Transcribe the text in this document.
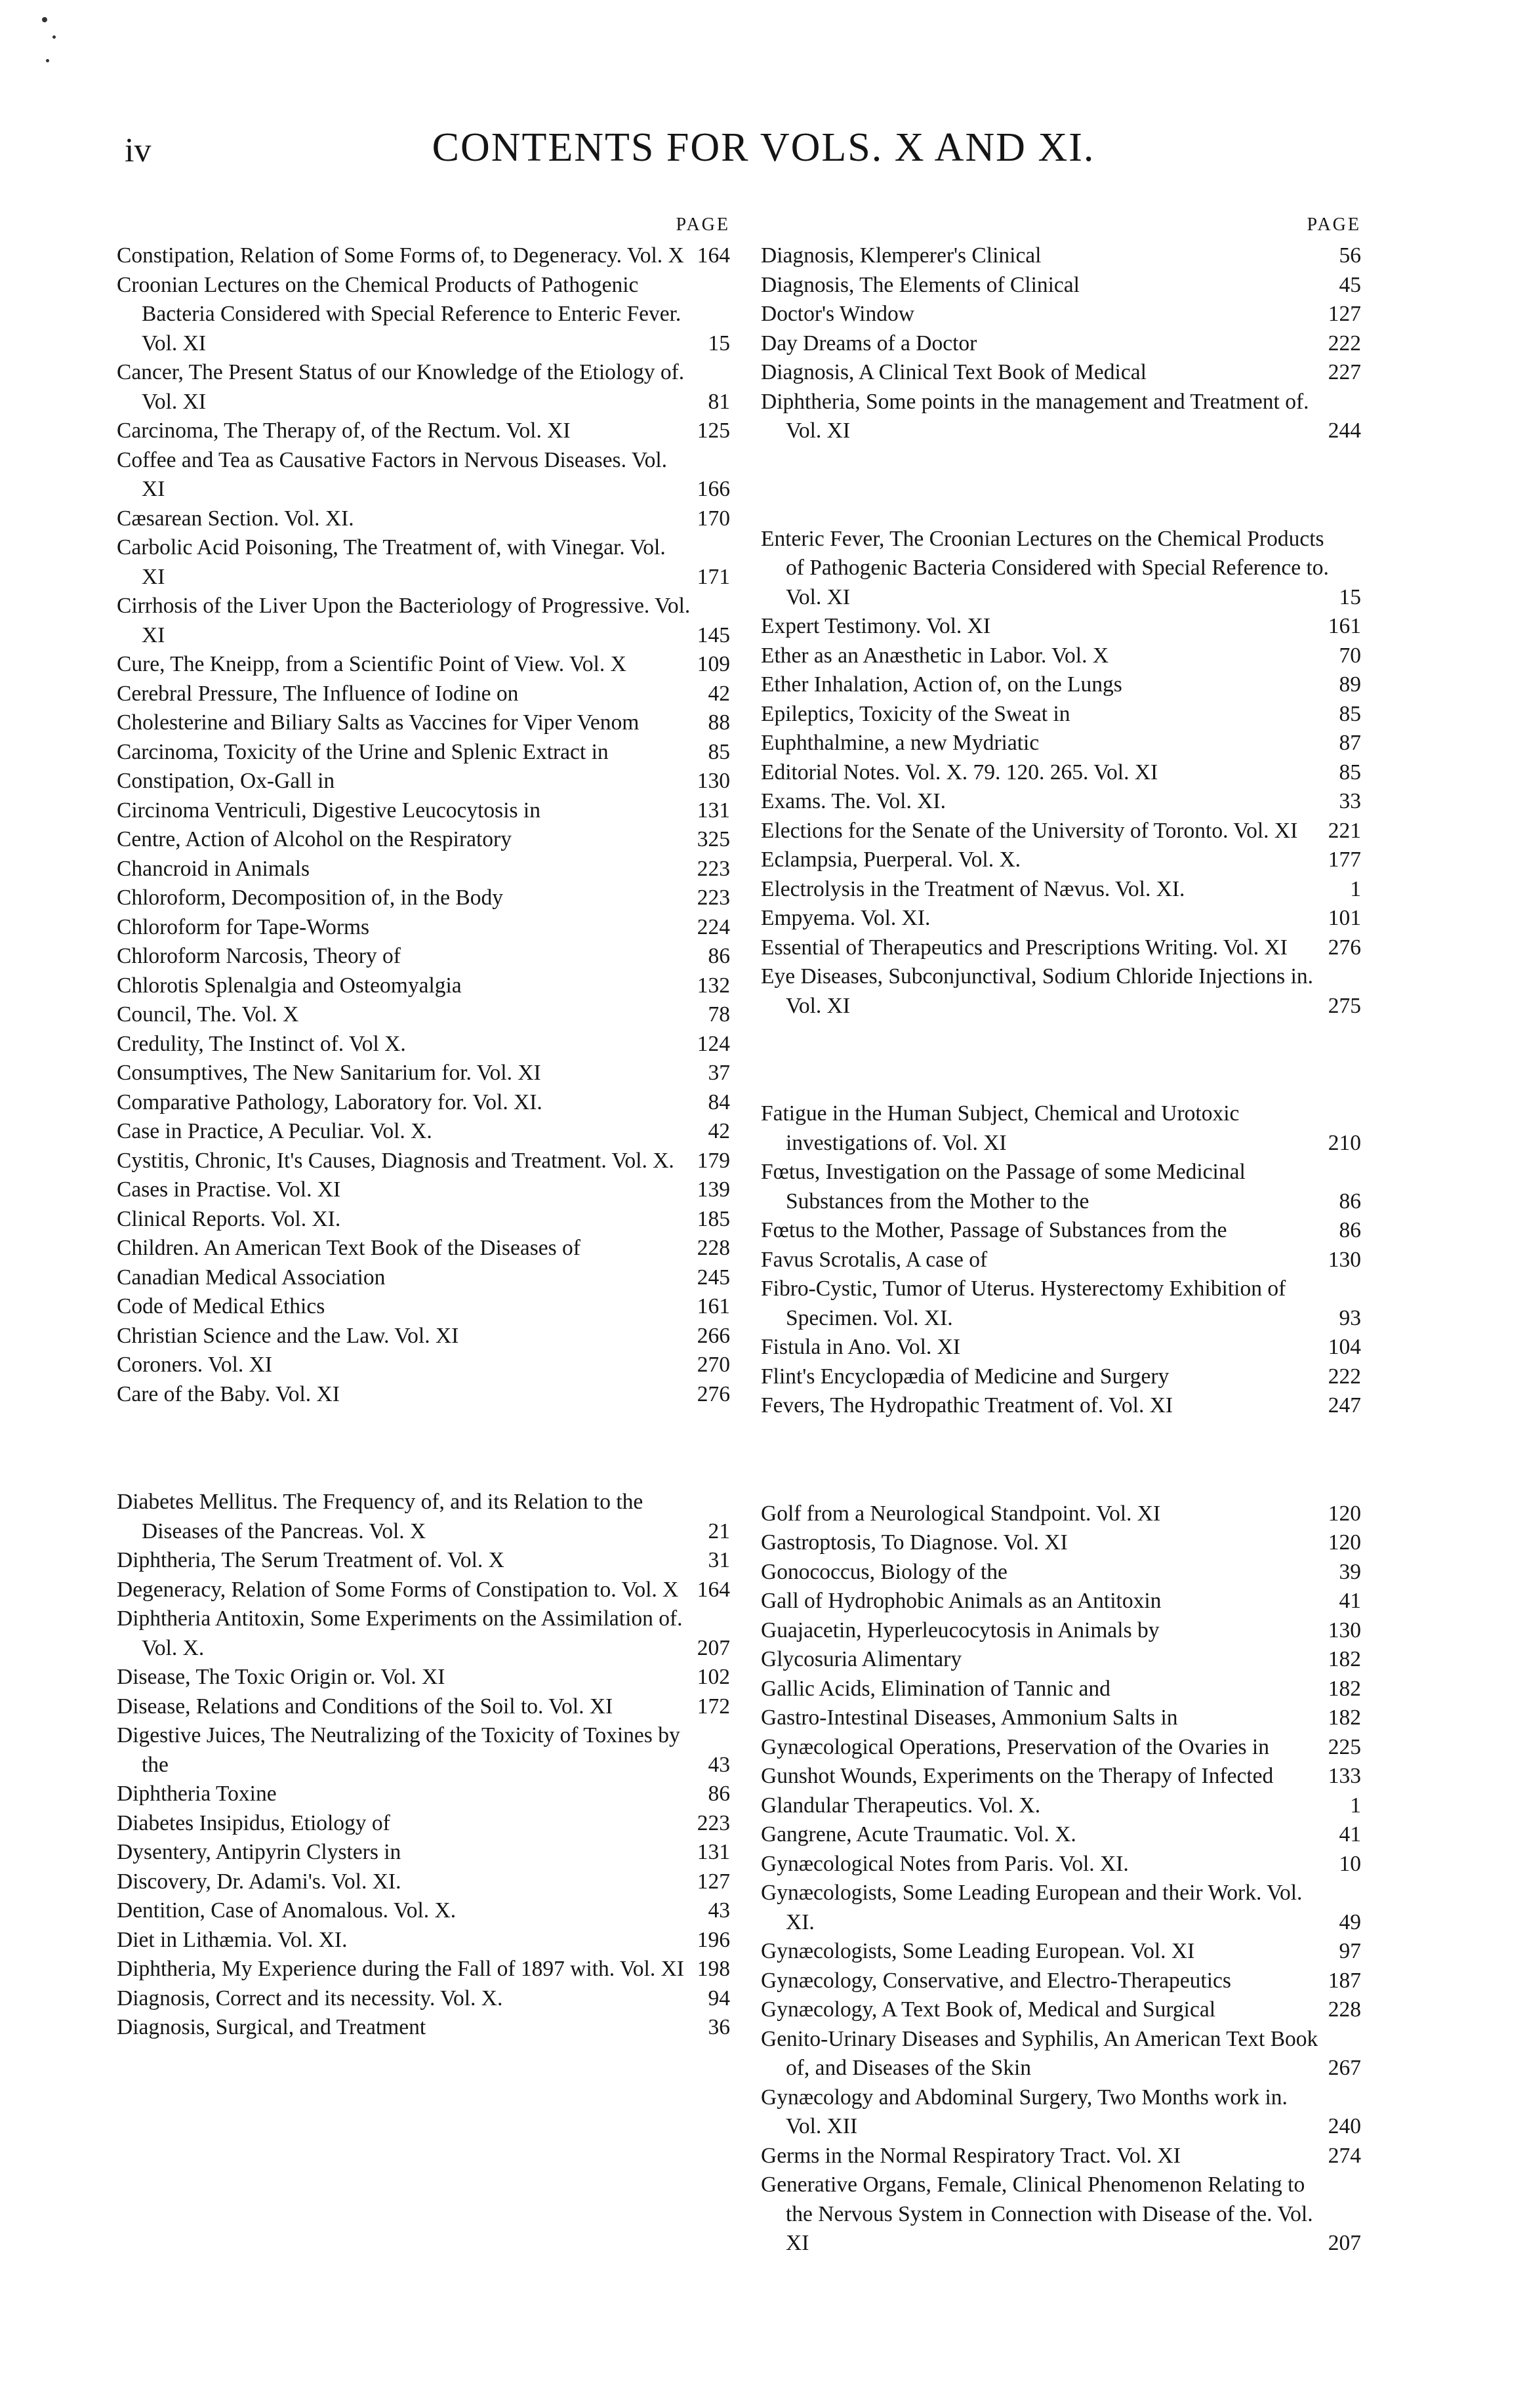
iv	CONTENTS FOR VOLS. X AND XI.
PAGE
Constipation, Relation of Some Forms of, to Degeneracy. Vol. X 164
Croonian Lectures on the Chemical Products of Pathogenic Bacteria Considered with Special Reference to Enteric Fever. Vol. XI	15
Cancer, The Present Status of our Knowledge of the Etiology of. Vol. XI	81
Carcinoma, The Therapy of, of the Rectum. Vol. XI	125
Coffee and Tea as Causative Factors in Nervous Diseases. Vol. XI	166
Cæsarean Section. Vol. XI.	170
Carbolic Acid Poisoning, The Treatment of, with Vinegar. Vol. XI	171
Cirrhosis of the Liver Upon the Bacteriology of Progressive. Vol. XI	145
Cure, The Kneipp, from a Scientific Point of View. Vol. X	109
Cerebral Pressure, The Influence of Iodine on	42
Cholesterine and Biliary Salts as Vaccines for Viper Venom	88
Carcinoma, Toxicity of the Urine and Splenic Extract in	85
Constipation, Ox-Gall in	130
Circinoma Ventriculi, Digestive Leucocytosis in	131
Centre, Action of Alcohol on the Respiratory	325
Chancroid in Animals	223
Chloroform, Decomposition of, in the Body	223
Chloroform for Tape-Worms	224
Chloroform Narcosis, Theory of	86
Chlorotis Splenalgia and Osteomyalgia	132
Council, The. Vol. X	78
Credulity, The Instinct of. Vol X.	124
Consumptives, The New Sanitarium for. Vol. XI	37
Comparative Pathology, Laboratory for. Vol. XI.	84
Case in Practice, A Peculiar. Vol. X.	42
Cystitis, Chronic, It's Causes, Diagnosis and Treatment. Vol. X.	179
Cases in Practise. Vol. XI	139
Clinical Reports. Vol. XI.	185
Children. An American Text Book of the Diseases of	228
Canadian Medical Association	245
Code of Medical Ethics	161
Christian Science and the Law. Vol. XI	266
Coroners. Vol. XI	270
Care of the Baby. Vol. XI	276
Diabetes Mellitus. The Frequency of, and its Relation to the Diseases of the Pancreas. Vol. X	21
Diphtheria, The Serum Treatment of. Vol. X	31
Degeneracy, Relation of Some Forms of Constipation to. Vol. X 164
Diphtheria Antitoxin, Some Experiments on the Assimilation of. Vol. X.	207
Disease, The Toxic Origin or. Vol. XI	102
Disease, Relations and Conditions of the Soil to. Vol. XI	172
Digestive Juices, The Neutralizing of the Toxicity of Toxines by the	43
Diphtheria Toxine	86
Diabetes Insipidus, Etiology of	223
Dysentery, Antipyrin Clysters in	131
Discovery, Dr. Adami's. Vol. XI.	127
Dentition, Case of Anomalous. Vol. X.	43
Diet in Lithæmia. Vol. XI.	196
Diphtheria, My Experience during the Fall of 1897 with. Vol. XI 198
Diagnosis, Correct and its necessity. Vol. X.	94
Diagnosis, Surgical, and Treatment	36
PAGE
Diagnosis, Klemperer's Clinical	56
Diagnosis, The Elements of Clinical	45
Doctor's Window	127
Day Dreams of a Doctor	222
Diagnosis, A Clinical Text Book of Medical	227
Diphtheria, Some points in the management and Treatment of. Vol. XI	244
Enteric Fever, The Croonian Lectures on the Chemical Products of Pathogenic Bacteria Considered with Special Reference to. Vol. XI	15
Expert Testimony. Vol. XI	161
Ether as an Anæsthetic in Labor. Vol. X	70
Ether Inhalation, Action of, on the Lungs	89
Epileptics, Toxicity of the Sweat in	85
Euphthalmine, a new Mydriatic	87
Editorial Notes. Vol. X. 79. 120. 265. Vol. XI	85
Exams. The. Vol. XI.	33
Elections for the Senate of the University of Toronto. Vol. XI	221
Eclampsia, Puerperal. Vol. X.	177
Electrolysis in the Treatment of Nævus. Vol. XI.	1
Empyema. Vol. XI.	101
Essential of Therapeutics and Prescriptions Writing. Vol. XI	276
Eye Diseases, Subconjunctival, Sodium Chloride Injections in. Vol. XI	275
Fatigue in the Human Subject, Chemical and Urotoxic investigations of. Vol. XI	210
Fœtus, Investigation on the Passage of some Medicinal Substances from the Mother to the	86
Fœtus to the Mother, Passage of Substances from the	86
Favus Scrotalis, A case of	130
Fibro-Cystic, Tumor of Uterus. Hysterectomy Exhibition of Specimen. Vol. XI.	93
Fistula in Ano. Vol. XI	104
Flint's Encyclopædia of Medicine and Surgery	222
Fevers, The Hydropathic Treatment of. Vol. XI	247
Golf from a Neurological Standpoint. Vol. XI	120
Gastroptosis, To Diagnose. Vol. XI	120
Gonococcus, Biology of the	39
Gall of Hydrophobic Animals as an Antitoxin	41
Guajacetin, Hyperleucocytosis in Animals by	130
Glycosuria Alimentary	182
Gallic Acids, Elimination of Tannic and	182
Gastro-Intestinal Diseases, Ammonium Salts in	182
Gynæcological Operations, Preservation of the Ovaries in	225
Gunshot Wounds, Experiments on the Therapy of Infected	133
Glandular Therapeutics. Vol. X.	1
Gangrene, Acute Traumatic. Vol. X.	41
Gynæcological Notes from Paris. Vol. XI.	10
Gynæcologists, Some Leading European and their Work. Vol. XI.	49
Gynæcologists, Some Leading European. Vol. XI	97
Gynæcology, Conservative, and Electro-Therapeutics	187
Gynæcology, A Text Book of, Medical and Surgical	228
Genito-Urinary Diseases and Syphilis, An American Text Book of, and Diseases of the Skin	267
Gynæcology and Abdominal Surgery, Two Months work in. Vol. XII	240
Germs in the Normal Respiratory Tract. Vol. XI	274
Generative Organs, Female, Clinical Phenomenon Relating to the Nervous System in Connection with Disease of the. Vol. XI	207
